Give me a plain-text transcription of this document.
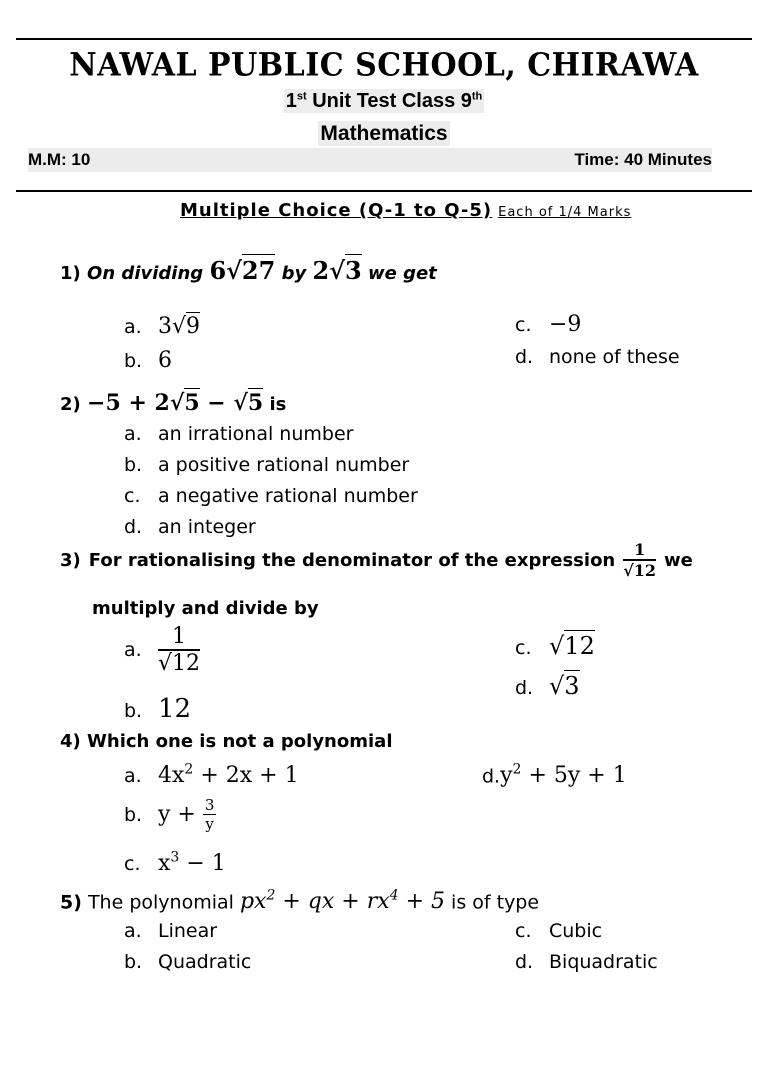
NAWAL PUBLIC SCHOOL, CHIRAWA
1st Unit Test Class 9th
Mathematics
M.M: 10	Time: 40 Minutes
Multiple Choice (Q-1 to Q-5) Each of 1/4 Marks
1) On dividing 6√27 by 2√3 we get
a. 3√9
b. 6
c. −9
d. none of these
2) −5 + 2√5 − √5 is
a. an irrational number
b. a positive rational number
c. a negative rational number
d. an integer
3) For rationalising the denominator of the expression $\frac{1}{√12}$ we
multiply and divide by
a. $\frac{1}{√12}$
b. 12
c. √12
d. √3
4) Which one is not a polynomial
a. $4x^2 + 2x + 1$
b. $y + \frac{3}{y}$
c. $x^3 - 1$
$d.y^2 + 5y + 1$
5) The polynomial $px^2$ + qx + $rx^4 + 5$ is of type
a. Linear
b. Quadratic
c. Cubic
d. Biquadratic
